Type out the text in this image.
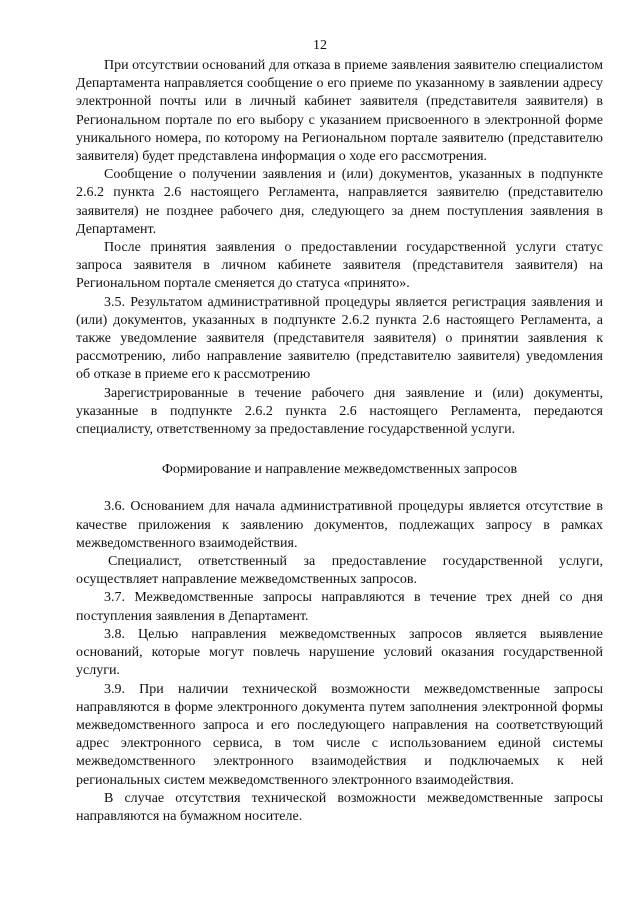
12

При отсутствии оснований для отказа в приеме заявления заявителю специалистом Департамента направляется сообщение о его приеме по указанному в заявлении адресу электронной почты или в личный кабинет заявителя (представителя заявителя) в Региональном портале по его выбору с указанием присвоенного в электронной форме уникального номера, по которому на Региональном портале заявителю (представителю заявителя) будет представлена информация о ходе его рассмотрения.

Сообщение о получении заявления и (или) документов, указанных в подпункте 2.6.2 пункта 2.6 настоящего Регламента, направляется заявителю (представителю заявителя) не позднее рабочего дня, следующего за днем поступления заявления в Департамент.

После принятия заявления о предоставлении государственной услуги статус запроса заявителя в личном кабинете заявителя (представителя заявителя) на Региональном портале сменяется до статуса «принято».

3.5. Результатом административной процедуры является регистрация заявления и (или) документов, указанных в подпункте 2.6.2 пункта 2.6 настоящего Регламента, а также уведомление заявителя (представителя заявителя) о принятии заявления к рассмотрению, либо направление заявителю (представителю заявителя) уведомления об отказе в приеме его к рассмотрению

Зарегистрированные в течение рабочего дня заявление и (или) документы, указанные в подпункте 2.6.2 пункта 2.6 настоящего Регламента, передаются специалисту, ответственному за предоставление государственной услуги.

Формирование и направление межведомственных запросов

3.6. Основанием для начала административной процедуры является отсутствие в качестве приложения к заявлению документов, подлежащих запросу в рамках межведомственного взаимодействия.

Специалист, ответственный за предоставление государственной услуги, осуществляет направление межведомственных запросов.

3.7. Межведомственные запросы направляются в течение трех дней со дня поступления заявления в Департамент.

3.8. Целью направления межведомственных запросов является выявление оснований, которые могут повлечь нарушение условий оказания государственной услуги.

3.9. При наличии технической возможности межведомственные запросы направляются в форме электронного документа путем заполнения электронной формы межведомственного запроса и его последующего направления на соответствующий адрес электронного сервиса, в том числе с использованием единой системы межведомственного электронного взаимодействия и подключаемых к ней региональных систем межведомственного электронного взаимодействия.

В случае отсутствия технической возможности межведомственные запросы направляются на бумажном носителе.
